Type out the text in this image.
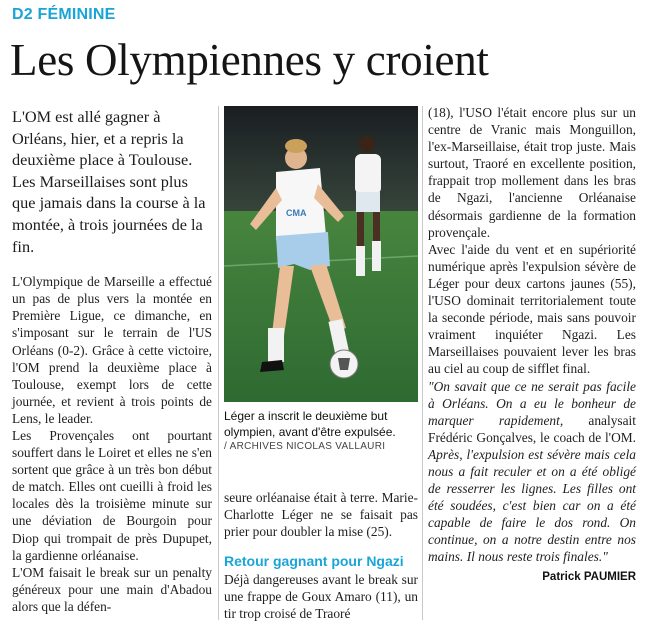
D2 FÉMININE
Les Olympiennes y croient

L'OM est allé gagner à Orléans, hier, et a repris la deuxième place à Toulouse. Les Marseillaises sont plus que jamais dans la course à la montée, à trois journées de la fin.

L'Olympique de Marseille a effectué un pas de plus vers la montée en Première Ligue, ce dimanche, en s'imposant sur le terrain de l'US Orléans (0-2). Grâce à cette victoire, l'OM prend la deuxième place à Toulouse, exempt lors de cette journée, et revient à trois points de Lens, le leader.

Les Provençales ont pourtant souffert dans le Loiret et elles ne s'en sortent que grâce à un très bon début de match. Elles ont cueilli à froid les locales dès la troisième minute sur une déviation de Bourgoin pour Diop qui trompait de près Dupupet, la gardienne orléanaise.

L'OM faisait le break sur un penalty généreux pour une main d'Abadou alors que la défen-

CMA

Léger a inscrit le deuxième but olympien, avant d'être expulsée.

/ ARCHIVES NICOLAS VALLAURI

seure orléanaise était à terre. Marie-Charlotte Léger ne se faisait pas prier pour doubler la mise (25).

Retour gagnant pour Ngazi

Déjà dangereuses avant le break sur une frappe de Goux Amaro (11), un tir trop croisé de Traoré

(18), l'USO l'était encore plus sur un centre de Vranic mais Monguillon, l'ex-Marseillaise, était trop juste. Mais surtout, Traoré en excellente position, frappait trop mollement dans les bras de Ngazi, l'ancienne Orléanaise désormais gardienne de la formation provençale.

Avec l'aide du vent et en supériorité numérique après l'expulsion sévère de Léger pour deux cartons jaunes (55), l'USO dominait territorialement toute la seconde période, mais sans pouvoir vraiment inquiéter Ngazi. Les Marseillaises pouvaient lever les bras au ciel au coup de sifflet final.

"On savait que ce ne serait pas facile à Orléans. On a eu le bonheur de marquer rapidement, analysait Frédéric Gonçalves, le coach de l'OM. Après, l'expulsion est sévère mais cela nous a fait reculer et on a été obligé de resserrer les lignes. Les filles ont été soudées, c'est bien car on a été capable de faire le dos rond. On continue, on a notre destin entre nos mains. Il nous reste trois finales."

Patrick PAUMIER
